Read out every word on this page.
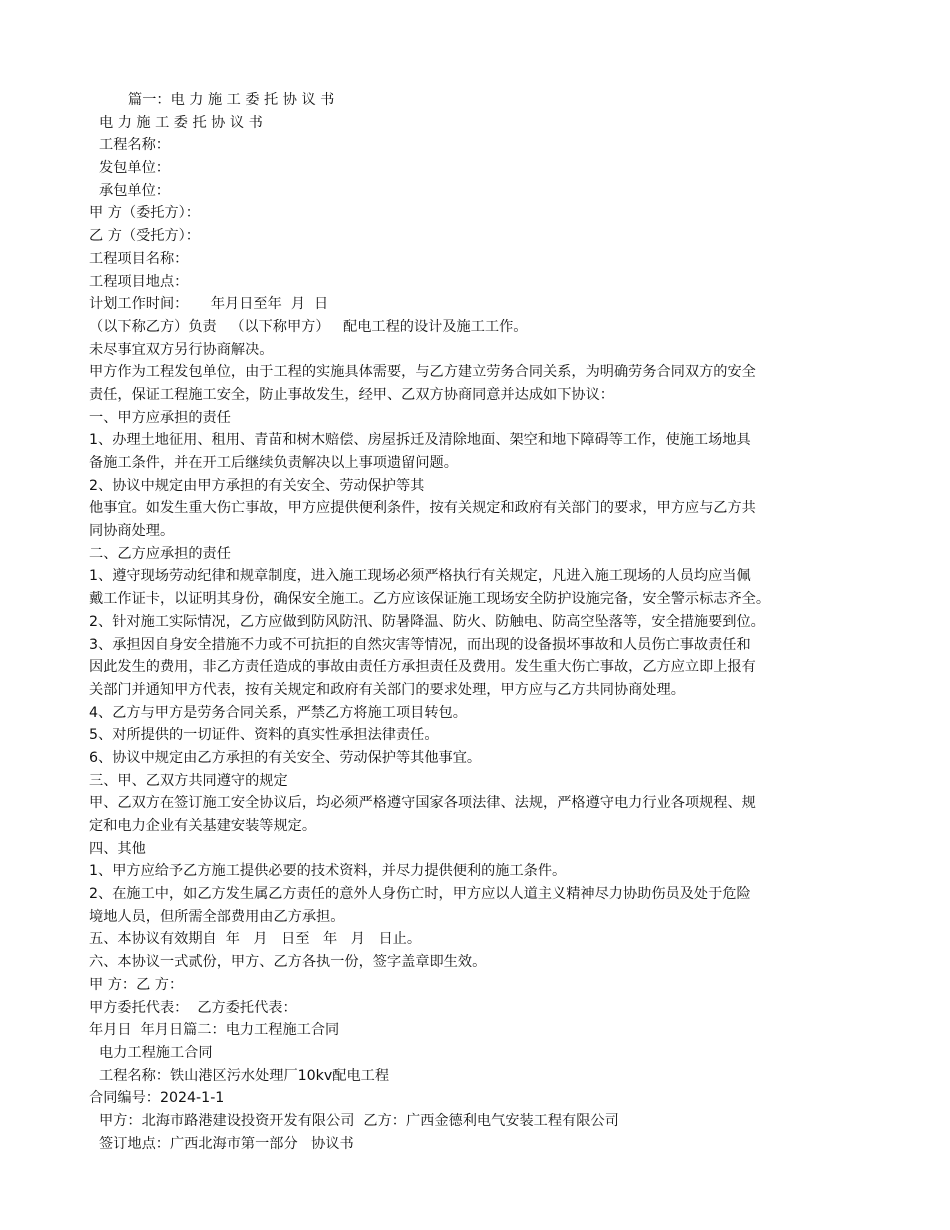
篇一：电 力 施 工 委 托 协 议 书
电 力 施 工 委 托 协 议 书
工程名称：
发包单位：
承包单位：
甲 方（委托方）：
乙 方（受托方）：
工程项目名称：
工程项目地点：
计划工作时间：     年月日至年  月  日
（以下称乙方）负责   （以下称甲方）   配电工程的设计及施工工作。
未尽事宜双方另行协商解决。
甲方作为工程发包单位，由于工程的实施具体需要，与乙方建立劳务合同关系，为明确劳务合同双方的安全
责任，保证工程施工安全，防止事故发生，经甲、乙双方协商同意并达成如下协议：
一、甲方应承担的责任
1、办理土地征用、租用、青苗和树木赔偿、房屋拆迁及清除地面、架空和地下障碍等工作，使施工场地具
备施工条件，并在开工后继续负责解决以上事项遗留问题。
2、协议中规定由甲方承担的有关安全、劳动保护等其
他事宜。如发生重大伤亡事故，甲方应提供便利条件，按有关规定和政府有关部门的要求，甲方应与乙方共
同协商处理。
二、乙方应承担的责任
1、遵守现场劳动纪律和规章制度，进入施工现场必须严格执行有关规定，凡进入施工现场的人员均应当佩
戴工作证卡，以证明其身份，确保安全施工。乙方应该保证施工现场安全防护设施完备，安全警示标志齐全。
2、针对施工实际情况，乙方应做到防风防汛、防暑降温、防火、防触电、防高空坠落等，安全措施要到位。
3、承担因自身安全措施不力或不可抗拒的自然灾害等情况，而出现的设备损坏事故和人员伤亡事故责任和
因此发生的费用，非乙方责任造成的事故由责任方承担责任及费用。发生重大伤亡事故，乙方应立即上报有
关部门并通知甲方代表，按有关规定和政府有关部门的要求处理，甲方应与乙方共同协商处理。
4、乙方与甲方是劳务合同关系，严禁乙方将施工项目转包。
5、对所提供的一切证件、资料的真实性承担法律责任。
6、协议中规定由乙方承担的有关安全、劳动保护等其他事宜。
三、甲、乙双方共同遵守的规定
甲、乙双方在签订施工安全协议后，均必须严格遵守国家各项法律、法规，严格遵守电力行业各项规程、规
定和电力企业有关基建安装等规定。
四、其他
1、甲方应给予乙方施工提供必要的技术资料，并尽力提供便利的施工条件。
2、在施工中，如乙方发生属乙方责任的意外人身伤亡时，甲方应以人道主义精神尽力协助伤员及处于危险
境地人员，但所需全部费用由乙方承担。
五、本协议有效期自  年   月   日至   年   月   日止。
六、本协议一式贰份，甲方、乙方各执一份，签字盖章即生效。
甲 方：乙 方：
甲方委托代表：  乙方委托代表：
年月日  年月日篇二：电力工程施工合同
电力工程施工合同
工程名称：铁山港区污水处理厂10kv配电工程
合同编号：2024-1-1
甲方：北海市路港建设投资开发有限公司  乙方：广西金德利电气安装工程有限公司
签订地点：广西北海市第一部分   协议书
